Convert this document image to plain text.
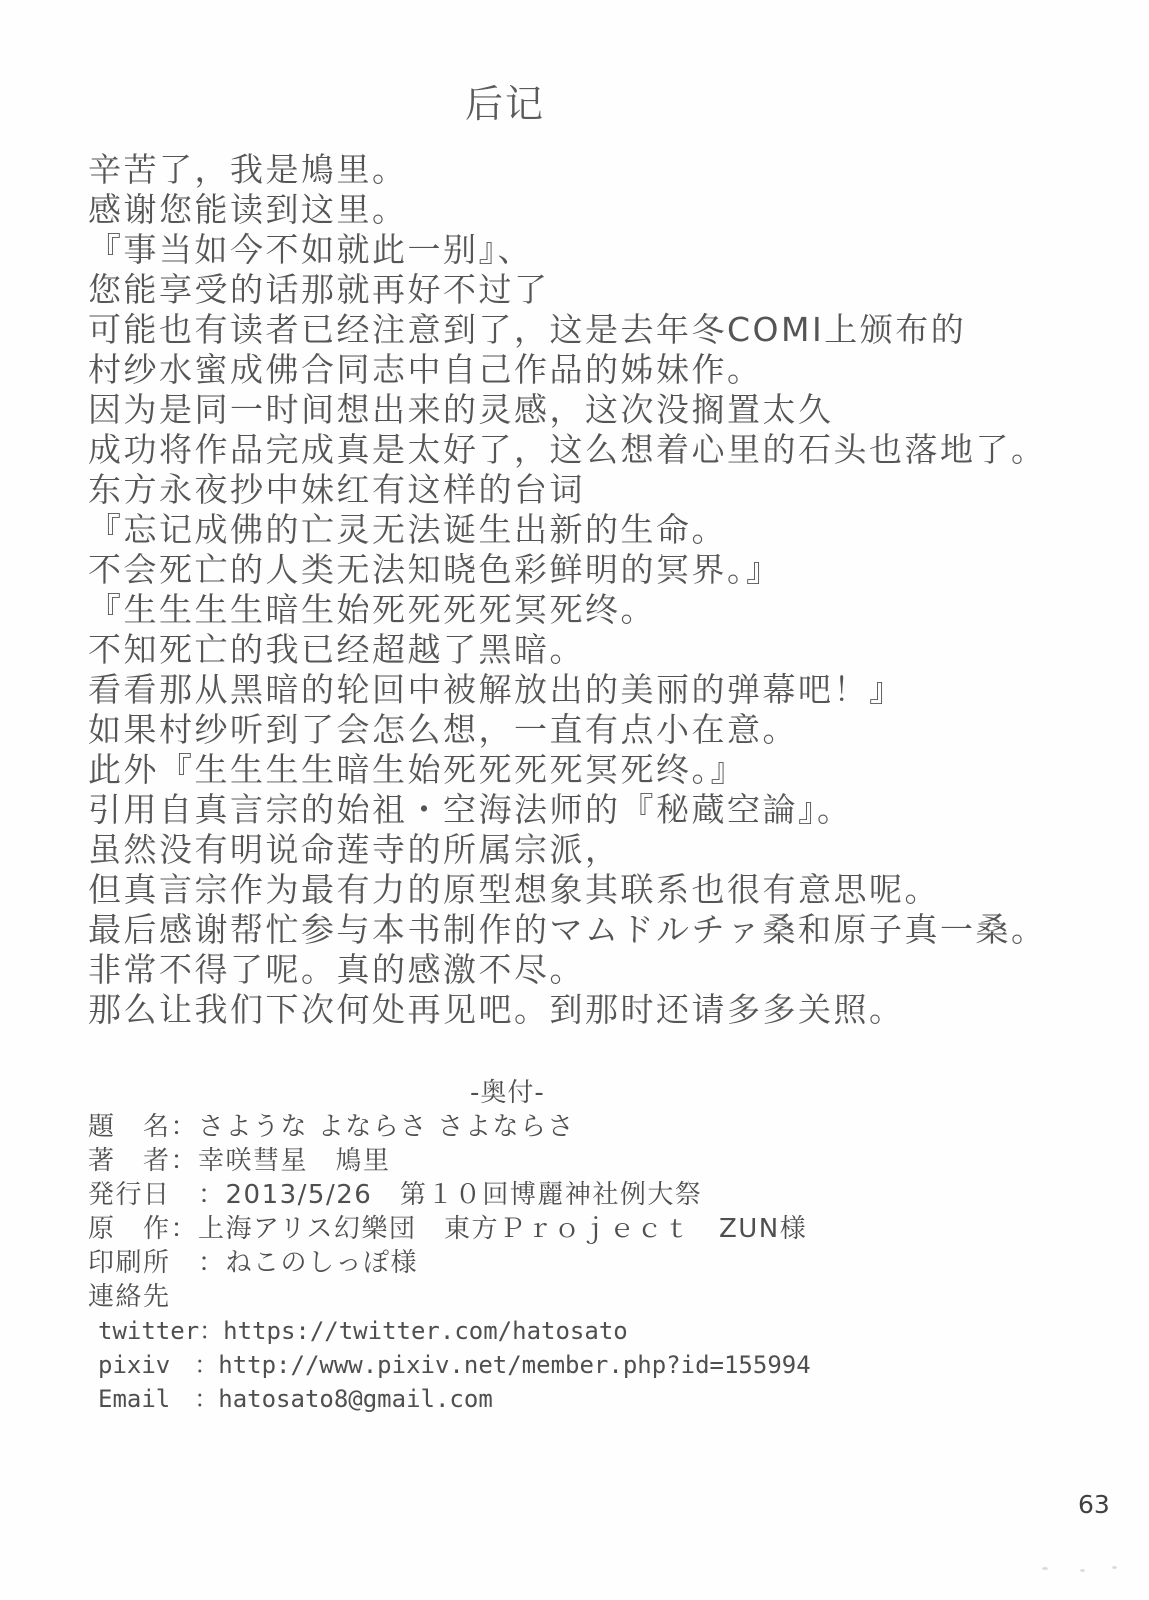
后记
辛苦了，我是鳩里。
感谢您能读到这里。
『事当如今不如就此一别』、
您能享受的话那就再好不过了
可能也有读者已经注意到了，这是去年冬COMI上颁布的
村纱水蜜成佛合同志中自己作品的姊妹作。
因为是同一时间想出来的灵感，这次没搁置太久
成功将作品完成真是太好了，这么想着心里的石头也落地了。
东方永夜抄中妹红有这样的台词
『忘记成佛的亡灵无法诞生出新的生命。
不会死亡的人类无法知晓色彩鲜明的冥界。』
『生生生生暗生始死死死死冥死终。
不知死亡的我已经超越了黑暗。
看看那从黑暗的轮回中被解放出的美丽的弹幕吧！』
如果村纱听到了会怎么想，一直有点小在意。
此外『生生生生暗生始死死死死冥死终。』
引用自真言宗的始祖・空海法师的『秘蔵空論』。
虽然没有明说命莲寺的所属宗派，
但真言宗作为最有力的原型想象其联系也很有意思呢。
最后感谢帮忙参与本书制作的マムドルチァ桑和原子真一桑。
非常不得了呢。真的感激不尽。
那么让我们下次何处再见吧。到那时还请多多关照。
-奥付-
題　名：さような よならさ さよならさ
著　者：幸咲彗星　鳩里
発行日　：2013/5/26　第１０回博麗神社例大祭
原　作：上海アリス幻樂団　東方Ｐｒｏｊｅｃｔ　ZUN様
印刷所　：ねこのしっぽ様
連絡先
twitter：https://twitter.com/hatosato
pixiv　：http://www.pixiv.net/member.php?id=155994
Email　：hatosato8@gmail.com
63
